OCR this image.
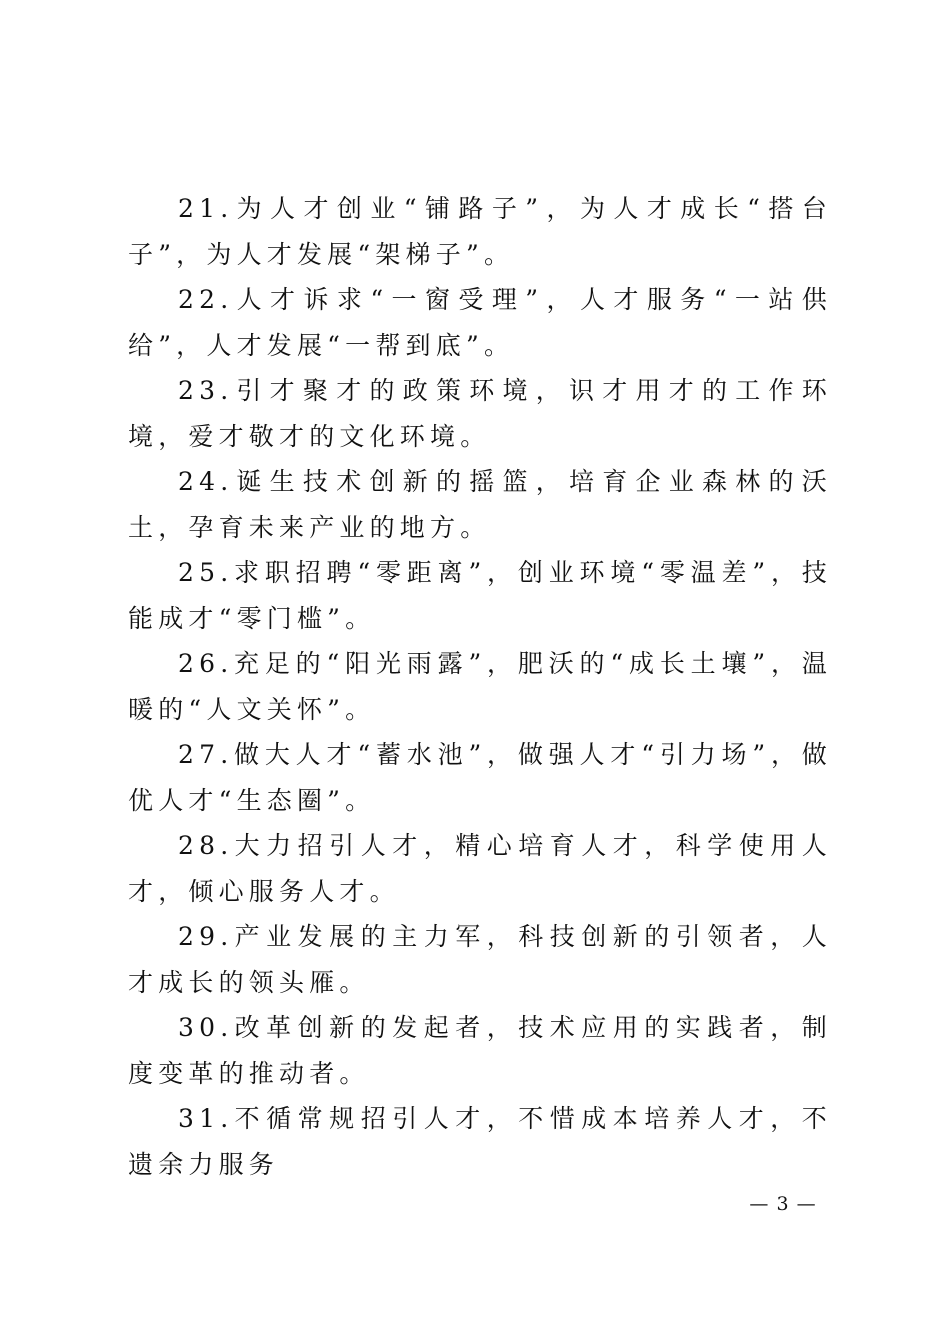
21.为人才创业“铺路子”，为人才成长“搭台子”，为人才发展“架梯子”。

22.人才诉求“一窗受理”，人才服务“一站供给”，人才发展“一帮到底”。

23.引才聚才的政策环境，识才用才的工作环境，爱才敬才的文化环境。

24.诞生技术创新的摇篮，培育企业森林的沃土，孕育未来产业的地方。

25.求职招聘“零距离”，创业环境“零温差”，技能成才“零门槛”。

26.充足的“阳光雨露”，肥沃的“成长土壤”，温暖的“人文关怀”。

27.做大人才“蓄水池”，做强人才“引力场”，做优人才“生态圈”。

28.大力招引人才，精心培育人才，科学使用人才，倾心服务人才。

29.产业发展的主力军，科技创新的引领者，人才成长的领头雁。

30.改革创新的发起者，技术应用的实践者，制度变革的推动者。

31.不循常规招引人才，不惜成本培养人才，不遗余力服务

— 3 —
